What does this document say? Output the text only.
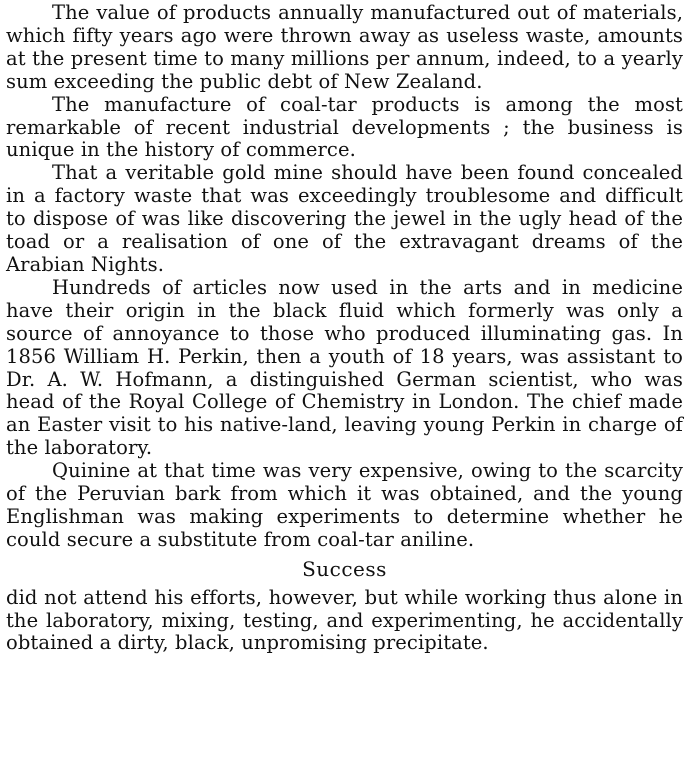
The value of products annually manufactured out of materials, which fifty years ago were thrown away as useless waste, amounts at the present time to many millions per annum, indeed, to a yearly sum exceeding the public debt of New Zealand.

The manufacture of coal-tar products is among the most remarkable of recent industrial developments ; the business is unique in the history of commerce.

That a veritable gold mine should have been found concealed in a factory waste that was exceedingly troublesome and difficult to dispose of was like discovering the jewel in the ugly head of the toad or a realisation of one of the extravagant dreams of the Arabian Nights.

Hundreds of articles now used in the arts and in medicine have their origin in the black fluid which formerly was only a source of annoyance to those who produced illuminating gas. In 1856 William H. Perkin, then a youth of 18 years, was assistant to Dr. A. W. Hofmann, a distinguished German scientist, who was head of the Royal College of Chemistry in London. The chief made an Easter visit to his native-land, leaving young Perkin in charge of the laboratory.

Quinine at that time was very expensive, owing to the scarcity of the Peruvian bark from which it was obtained, and the young Englishman was making experiments to determine whether he could secure a substitute from coal-tar aniline.

Success

did not attend his efforts, however, but while working thus alone in the laboratory, mixing, testing, and experimenting, he accidentally obtained a dirty, black, unpromising precipitate.
